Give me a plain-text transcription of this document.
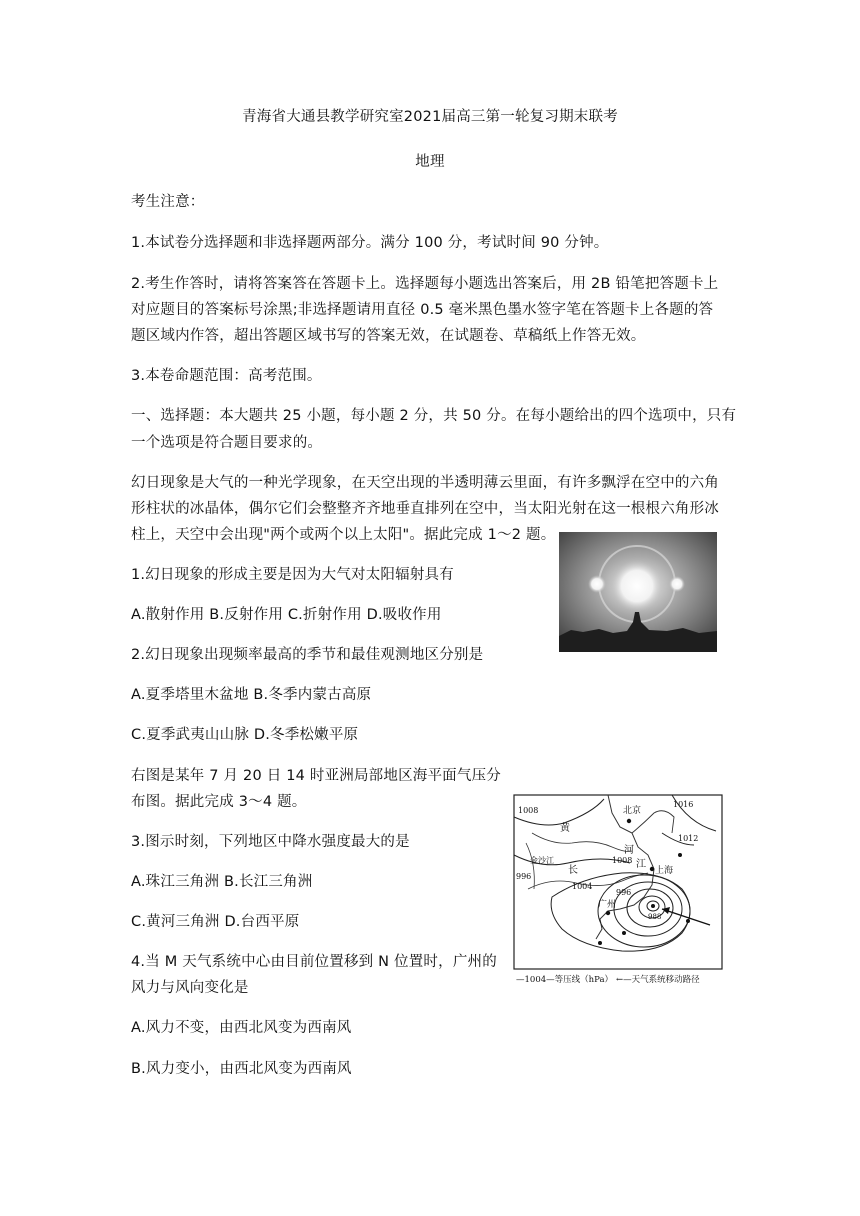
青海省大通县教学研究室2021届高三第一轮复习期末联考
地理
考生注意：
1.本试卷分选择题和非选择题两部分。满分 100 分，考试时间 90 分钟。
2.考生作答时，请将答案答在答题卡上。选择题每小题选出答案后，用 2B 铅笔把答题卡上
对应题目的答案标号涂黑;非选择题请用直径 0.5 毫米黑色墨水签字笔在答题卡上各题的答
题区域内作答，超出答题区域书写的答案无效，在试题卷、草稿纸上作答无效。
3.本卷命题范围：高考范围。
一、选择题：本大题共 25 小题，每小题 2 分，共 50 分。在每小题给出的四个选项中，只有
一个选项是符合题目要求的。
幻日现象是大气的一种光学现象，在天空出现的半透明薄云里面，有许多飘浮在空中的六角
形柱状的冰晶体，偶尔它们会整整齐齐地垂直排列在空中，当太阳光射在这一根根六角形冰
柱上，天空中会出现"两个或两个以上太阳"。据此完成 1～2 题。
1.幻日现象的形成主要是因为大气对太阳辐射具有
A.散射作用 B.反射作用 C.折射作用 D.吸收作用
2.幻日现象出现频率最高的季节和最佳观测地区分别是
A.夏季塔里木盆地 B.冬季内蒙古高原
C.夏季武夷山山脉 D.冬季松嫩平原
右图是某年 7 月 20 日 14 时亚洲局部地区海平面气压分
布图。据此完成 3～4 题。
北京
上海
广州
黄
河
长
江
金沙江
1016
1012
1008
1008
1004
996
996
988
—1004—等压线（hPa） ←—天气系统移动路径
3.图示时刻，下列地区中降水强度最大的是
A.珠江三角洲 B.长江三角洲
C.黄河三角洲 D.台西平原
4.当 M 天气系统中心由目前位置移到 N 位置时，广州的
风力与风向变化是
A.风力不变，由西北风变为西南风
B.风力变小，由西北风变为西南风
